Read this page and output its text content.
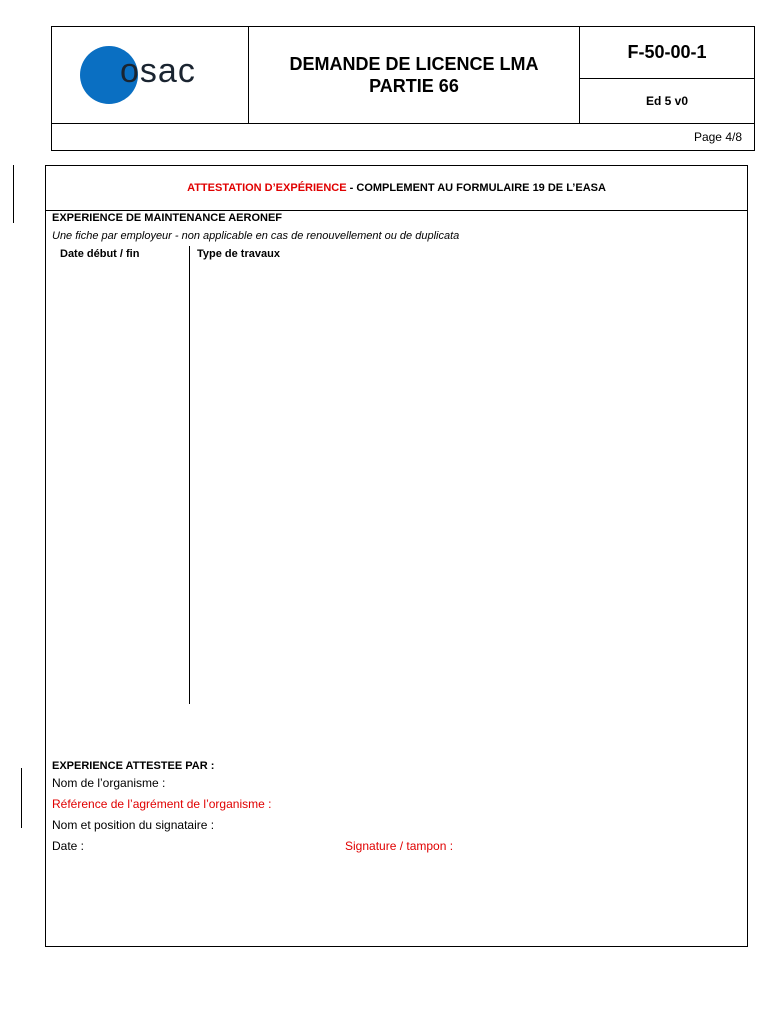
osac	DEMANDE DE LICENCE LMA
PARTIE 66
F-50-00-1
Ed 5 v0
Page 4/8
ATTESTATION D’EXPÉRIENCE - COMPLEMENT AU FORMULAIRE 19 DE L’EASA
EXPERIENCE DE MAINTENANCE AERONEF
Une fiche par employeur - non applicable en cas de renouvellement ou de duplicata
Date début / fin	Type de travaux
EXPERIENCE ATTESTEE PAR :
Nom de l’organisme :
Référence de l’agrément de l’organisme :
Nom et position du signataire :
Date :	Signature / tampon :
